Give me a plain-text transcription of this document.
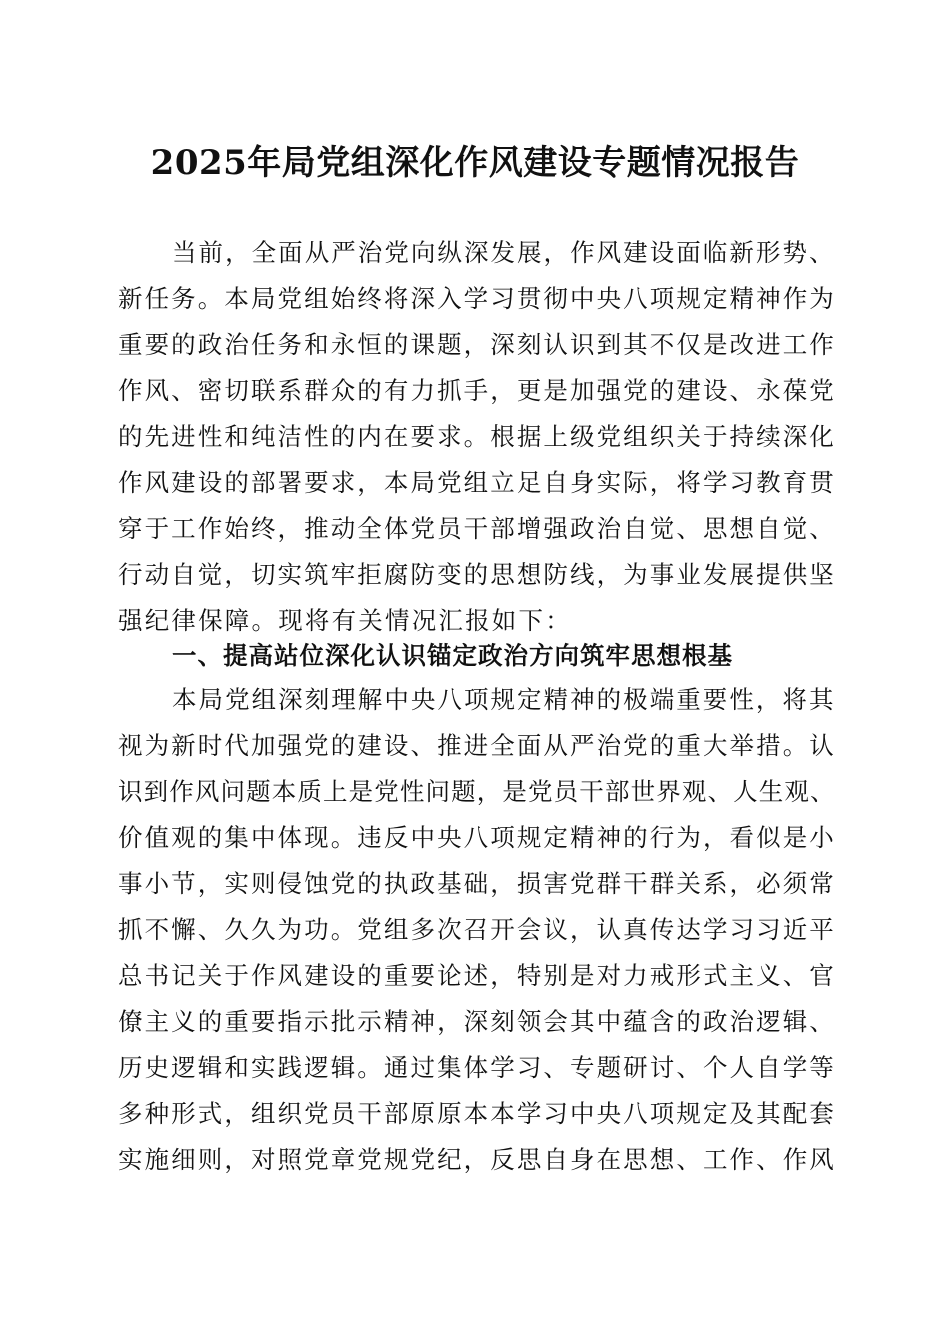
2025年局党组深化作风建设专题情况报告
当前，全面从严治党向纵深发展，作风建设面临新形势、
新任务。本局党组始终将深入学习贯彻中央八项规定精神作为
重要的政治任务和永恒的课题，深刻认识到其不仅是改进工作
作风、密切联系群众的有力抓手，更是加强党的建设、永葆党
的先进性和纯洁性的内在要求。根据上级党组织关于持续深化
作风建设的部署要求，本局党组立足自身实际，将学习教育贯
穿于工作始终，推动全体党员干部增强政治自觉、思想自觉、
行动自觉，切实筑牢拒腐防变的思想防线，为事业发展提供坚
强纪律保障。现将有关情况汇报如下：
一、提高站位深化认识锚定政治方向筑牢思想根基
本局党组深刻理解中央八项规定精神的极端重要性，将其
视为新时代加强党的建设、推进全面从严治党的重大举措。认
识到作风问题本质上是党性问题，是党员干部世界观、人生观、
价值观的集中体现。违反中央八项规定精神的行为，看似是小
事小节，实则侵蚀党的执政基础，损害党群干群关系，必须常
抓不懈、久久为功。党组多次召开会议，认真传达学习习近平
总书记关于作风建设的重要论述，特别是对力戒形式主义、官
僚主义的重要指示批示精神，深刻领会其中蕴含的政治逻辑、
历史逻辑和实践逻辑。通过集体学习、专题研讨、个人自学等
多种形式，组织党员干部原原本本学习中央八项规定及其配套
实施细则，对照党章党规党纪，反思自身在思想、工作、作风
